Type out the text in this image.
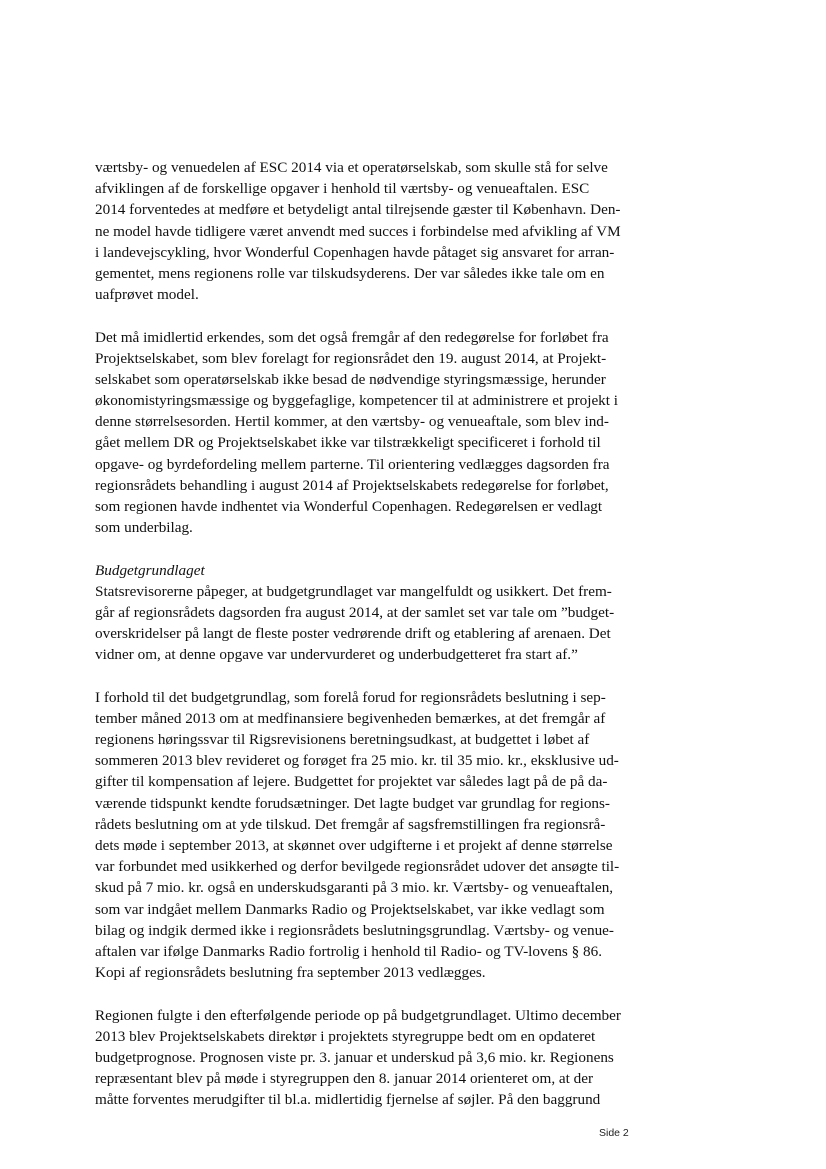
værtsby- og venuedelen af ESC 2014 via et operatørselskab, som skulle stå for selve
afviklingen af de forskellige opgaver i henhold til værtsby- og venueaftalen. ESC
2014 forventedes at medføre et betydeligt antal tilrejsende gæster til København. Den-
ne model havde tidligere været anvendt med succes i forbindelse med afvikling af VM
i landevejscykling, hvor Wonderful Copenhagen havde påtaget sig ansvaret for arran-
gementet, mens regionens rolle var tilskudsyderens. Der var således ikke tale om en
uafprøvet model.
Det må imidlertid erkendes, som det også fremgår af den redegørelse for forløbet fra
Projektselskabet, som blev forelagt for regionsrådet den 19. august 2014, at Projekt-
selskabet som operatørselskab ikke besad de nødvendige styringsmæssige, herunder
økonomistyringsmæssige og byggefaglige, kompetencer til at administrere et projekt i
denne størrelsesorden. Hertil kommer, at den værtsby- og venueaftale, som blev ind-
gået mellem DR og Projektselskabet ikke var tilstrækkeligt specificeret i forhold til
opgave- og byrdefordeling mellem parterne. Til orientering vedlægges dagsorden fra
regionsrådets behandling i august 2014 af Projektselskabets redegørelse for forløbet,
som regionen havde indhentet via Wonderful Copenhagen. Redegørelsen er vedlagt
som underbilag.
Budgetgrundlaget
Statsrevisorerne påpeger, at budgetgrundlaget var mangelfuldt og usikkert. Det frem-
går af regionsrådets dagsorden fra august 2014, at der samlet set var tale om ”budget-
overskridelser på langt de fleste poster vedrørende drift og etablering af arenaen. Det
vidner om, at denne opgave var undervurderet og underbudgetteret fra start af.”
I forhold til det budgetgrundlag, som forelå forud for regionsrådets beslutning i sep-
tember måned 2013 om at medfinansiere begivenheden bemærkes, at det fremgår af
regionens høringssvar til Rigsrevisionens beretningsudkast, at budgettet i løbet af
sommeren 2013 blev revideret og forøget fra 25 mio. kr. til 35 mio. kr., eksklusive ud-
gifter til kompensation af lejere. Budgettet for projektet var således lagt på de på da-
værende tidspunkt kendte forudsætninger. Det lagte budget var grundlag for regions-
rådets beslutning om at yde tilskud. Det fremgår af sagsfremstillingen fra regionsrå-
dets møde i september 2013, at skønnet over udgifterne i et projekt af denne størrelse
var forbundet med usikkerhed og derfor bevilgede regionsrådet udover det ansøgte til-
skud på 7 mio. kr. også en underskudsgaranti på 3 mio. kr. Værtsby- og venueaftalen,
som var indgået mellem Danmarks Radio og Projektselskabet, var ikke vedlagt som
bilag og indgik dermed ikke i regionsrådets beslutningsgrundlag. Værtsby- og venue-
aftalen var ifølge Danmarks Radio fortrolig i henhold til Radio- og TV-lovens § 86.
Kopi af regionsrådets beslutning fra september 2013 vedlægges.
Regionen fulgte i den efterfølgende periode op på budgetgrundlaget. Ultimo december
2013 blev Projektselskabets direktør i projektets styregruppe bedt om en opdateret
budgetprognose. Prognosen viste pr. 3. januar et underskud på 3,6 mio. kr. Regionens
repræsentant blev på møde i styregruppen den 8. januar 2014 orienteret om, at der
måtte forventes merudgifter til bl.a. midlertidig fjernelse af søjler. På den baggrund
Side 2
